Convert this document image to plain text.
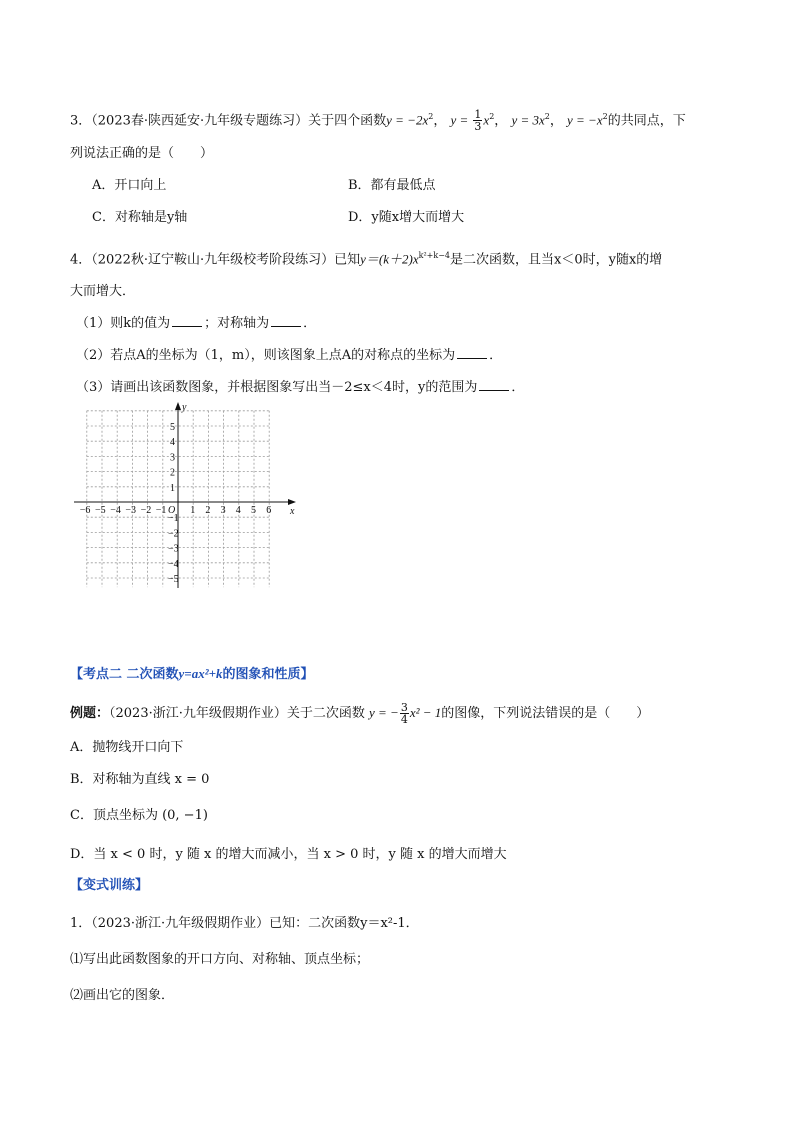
3．（2023春·陕西延安·九年级专题练习）关于四个函数$y = -2x^2$， $y = \frac{1}{3} x^2$， $y = 3x^2$， $y = -x^2$的共同点，下
列说法正确的是（　　）
A．开口向上	B．都有最低点
C．对称轴是y轴	D．y随x增大而增大
4．（2022秋·辽宁鞍山·九年级校考阶段练习）已知$y=(k+2)x^{k^2+k-4}$是二次函数，且当x＜0时，y随x的增
大而增大．
（1）则k的值为	；对称轴为	．
（2）若点A的坐标为（1，m），则该图象上点A的对称点的坐标为	．
（3）请画出该函数图象，并根据图象写出当－2≤x＜4时，y的范围为	．
x
y
O
−6 −5 −4 −3 −2 −1 1 2 3 4 5 6
5
4
3
2
1
−1
−2
−3
−4
−5
【考点二 二次函数y=ax²+k的图象和性质】
例题：（2023·浙江·九年级假期作业）关于二次函数 y = − $\frac{3}{4} x^2 - 1$的图像，下列说法错误的是（　　）
A．抛物线开口向下
B．对称轴为直线 x = 0
C．顶点坐标为 (0, −1)
D．当 x < 0 时，y 随 x 的增大而减小，当 x > 0 时，y 随 x 的增大而增大
【变式训练】
1．（2023·浙江·九年级假期作业）已知：二次函数y＝x²-1．
⑴写出此函数图象的开口方向、对称轴、顶点坐标；
⑵画出它的图象．
